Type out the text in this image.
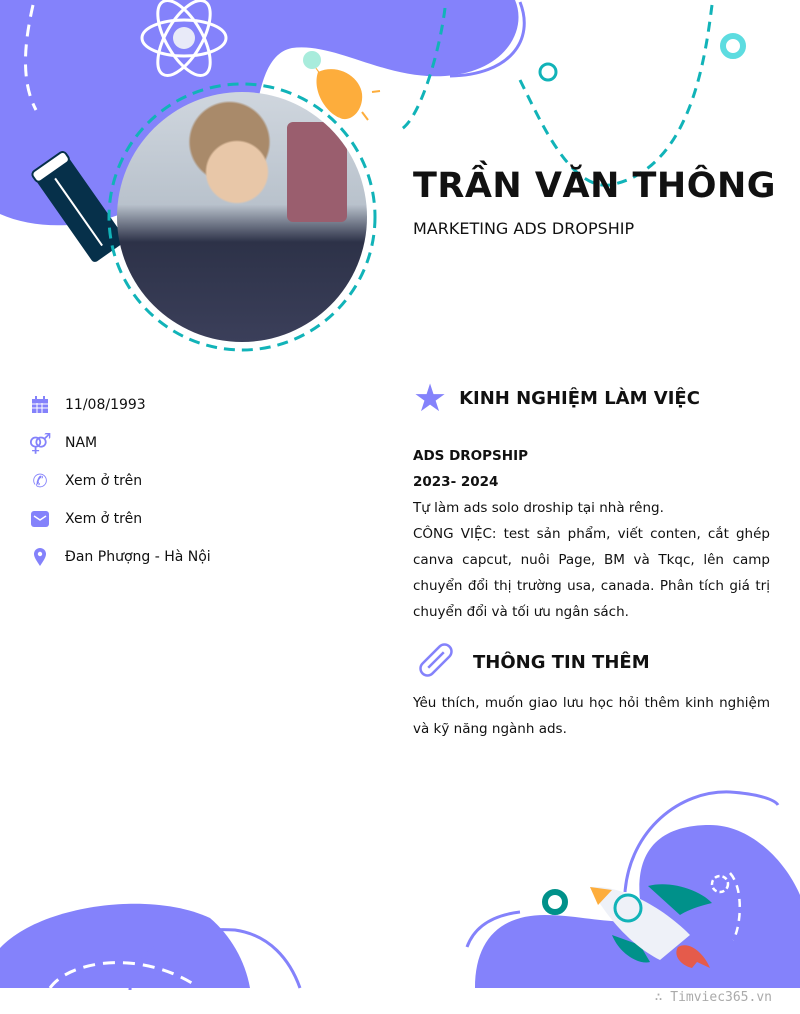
TRẦN VĂN THÔNG
MARKETING ADS DROPSHIP
11/08/1993
⚤ NAM
✆ Xem ở trên
Xem ở trên
Đan Phượng - Hà Nội
★ KINH NGHIỆM LÀM VIỆC
ADS DROPSHIP
2023- 2024

Tự làm ads solo droship tại nhà rêng.

CÔNG VIỆC: test sản phẩm, viết conten, cắt ghép canva capcut, nuôi Page, BM và Tkqc, lên camp chuyển đổi thị trường usa, canada. Phân tích giá trị chuyển đổi và tối ưu ngân sách.

THÔNG TIN THÊM

Yêu thích, muốn giao lưu học hỏi thêm kinh nghiệm và kỹ năng ngành ads.

∴ Timviec365.vn
